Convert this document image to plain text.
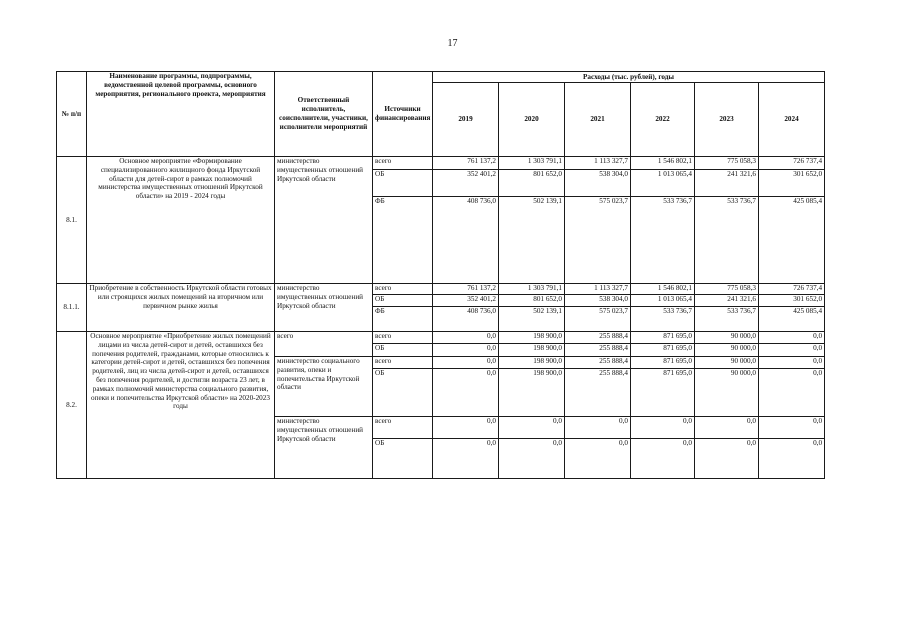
17
№ п/п	Наименование программы, подпрограммы, ведомственной целевой программы, основного мероприятия, регионального проекта, мероприятия	Ответственный исполнитель, соисполнители, участники, исполнители мероприятий	Источники финансирования	Расходы (тыс. рублей), годы					
				2019	2020	2021	2022	2023	2024
8.1.	Основное мероприятие «Формирование специализированного жилищного фонда Иркутской области для детей-сирот в рамках полномочий министерства имущественных отношений Иркутской области» на 2019 - 2024 годы	министерство имущественных отношений Иркутской области	всего	761 137,2	1 303 791,1	1 113 327,7	1 546 802,1	775 058,3	726 737,4
			ОБ	352 401,2	801 652,0	538 304,0	1 013 065,4	241 321,6	301 652,0
			ФБ	408 736,0	502 139,1	575 023,7	533 736,7	533 736,7	425 085,4
8.1.1.	Приобретение в собственность Иркутской области готовых или строящихся жилых помещений на вторичном или первичном рынке жилья	министерство имущественных отношений Иркутской области	всего	761 137,2	1 303 791,1	1 113 327,7	1 546 802,1	775 058,3	726 737,4
			ОБ	352 401,2	801 652,0	538 304,0	1 013 065,4	241 321,6	301 652,0
			ФБ	408 736,0	502 139,1	575 023,7	533 736,7	533 736,7	425 085,4
8.2.	Основное мероприятие «Приобретение жилых помещений лицами из числа детей-сирот и детей, оставшихся без попечения родителей, гражданами, которые относились к категории детей-сирот и детей, оставшихся без попечения родителей, лиц из числа детей-сирот и детей, оставшихся без попечения родителей, и достигли возраста 23 лет, в рамках полномочий министерства социального развития, опеки и попечительства Иркутской области» на 2020-2023 годы	всего	всего	0,0	198 900,0	255 888,4	871 695,0	90 000,0	0,0
			ОБ	0,0	198 900,0	255 888,4	871 695,0	90 000,0	0,0
		министерство социального развития, опеки и попечительства Иркутской области	всего	0,0	198 900,0	255 888,4	871 695,0	90 000,0	0,0
			ОБ	0,0	198 900,0	255 888,4	871 695,0	90 000,0	0,0
		министерство имущественных отношений Иркутской области	всего	0,0	0,0	0,0	0,0	0,0	0,0
			ОБ	0,0	0,0	0,0	0,0	0,0	0,0
